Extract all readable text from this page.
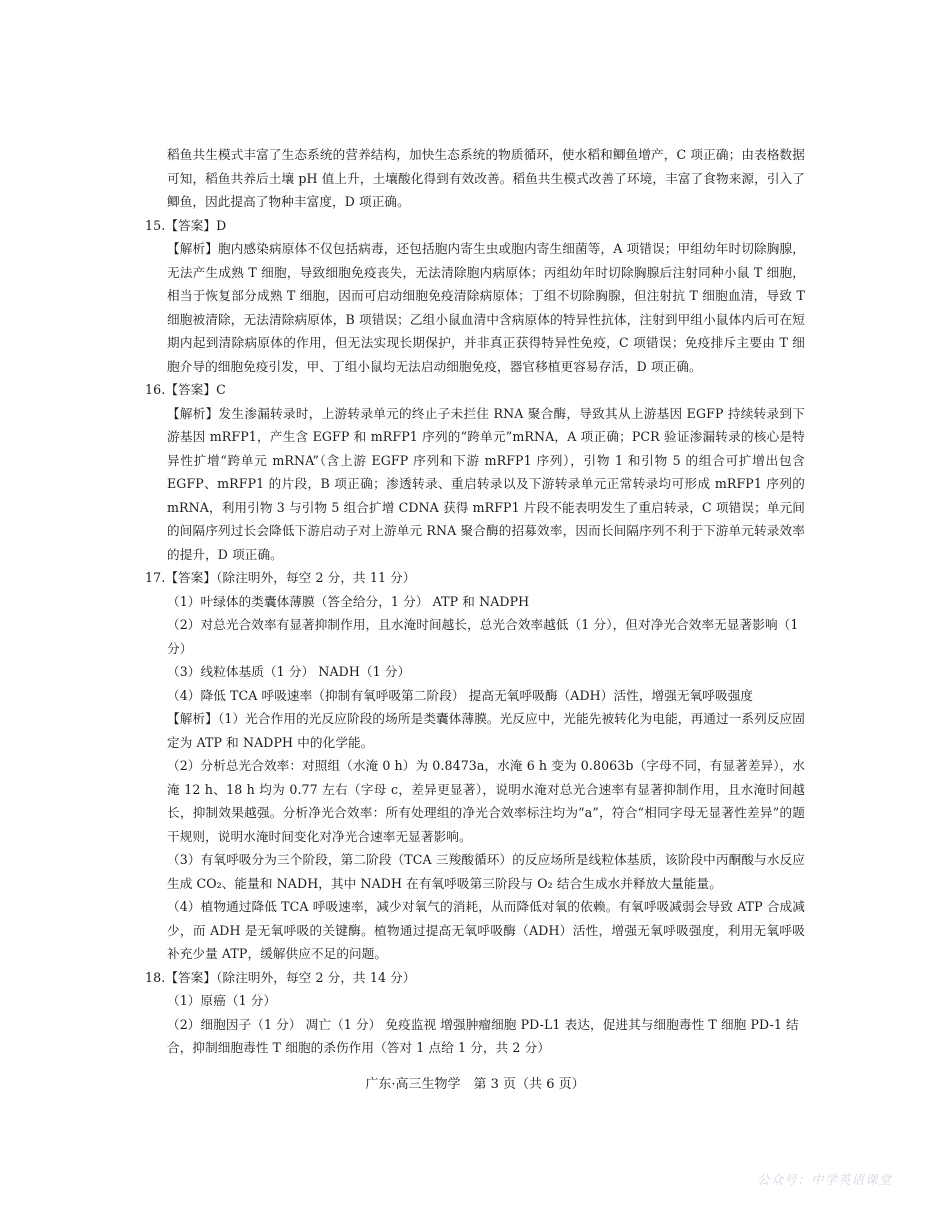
稻鱼共生模式丰富了生态系统的营养结构，加快生态系统的物质循环，使水稻和鲫鱼增产，C 项正确；由表格数据可知，稻鱼共养后土壤 pH 值上升，土壤酸化得到有效改善。稻鱼共生模式改善了环境，丰富了食物来源，引入了鲫鱼，因此提高了物种丰富度，D 项正确。

15.【答案】D

【解析】胞内感染病原体不仅包括病毒，还包括胞内寄生虫或胞内寄生细菌等，A 项错误；甲组幼年时切除胸腺，无法产生成熟 T 细胞，导致细胞免疫丧失，无法清除胞内病原体；丙组幼年时切除胸腺后注射同种小鼠 T 细胞，相当于恢复部分成熟 T 细胞，因而可启动细胞免疫清除病原体；丁组不切除胸腺，但注射抗 T 细胞血清，导致 T 细胞被清除，无法清除病原体，B 项错误；乙组小鼠血清中含病原体的特异性抗体，注射到甲组小鼠体内后可在短期内起到清除病原体的作用，但无法实现长期保护，并非真正获得特异性免疫，C 项错误；免疫排斥主要由 T 细胞介导的细胞免疫引发，甲、丁组小鼠均无法启动细胞免疫，器官移植更容易存活，D 项正确。

16.【答案】C

【解析】发生渗漏转录时，上游转录单元的终止子未拦住 RNA 聚合酶，导致其从上游基因 EGFP 持续转录到下游基因 mRFP1，产生含 EGFP 和 mRFP1 序列的“跨单元”mRNA，A 项正确；PCR 验证渗漏转录的核心是特异性扩增“跨单元 mRNA”（含上游 EGFP 序列和下游 mRFP1 序列），引物 1 和引物 5 的组合可扩增出包含 EGFP、mRFP1 的片段，B 项正确；渗透转录、重启转录以及下游转录单元正常转录均可形成 mRFP1 序列的 mRNA，利用引物 3 与引物 5 组合扩增 CDNA 获得 mRFP1 片段不能表明发生了重启转录，C 项错误；单元间的间隔序列过长会降低下游启动子对上游单元 RNA 聚合酶的招募效率，因而长间隔序列不利于下游单元转录效率的提升，D 项正确。

17.【答案】（除注明外，每空 2 分，共 11 分）

（1）叶绿体的类囊体薄膜（答全给分，1 分） ATP 和 NADPH

（2）对总光合效率有显著抑制作用，且水淹时间越长，总光合效率越低（1 分），但对净光合效率无显著影响（1 分）

（3）线粒体基质（1 分） NADH（1 分）

（4）降低 TCA 呼吸速率（抑制有氧呼吸第二阶段） 提高无氧呼吸酶（ADH）活性，增强无氧呼吸强度

【解析】（1）光合作用的光反应阶段的场所是类囊体薄膜。光反应中，光能先被转化为电能，再通过一系列反应固定为 ATP 和 NADPH 中的化学能。

（2）分析总光合效率：对照组（水淹 0 h）为 0.8473a，水淹 6 h 变为 0.8063b（字母不同，有显著差异），水淹 12 h、18 h 均为 0.77 左右（字母 c，差异更显著），说明水淹对总光合速率有显著抑制作用，且水淹时间越长，抑制效果越强。分析净光合效率：所有处理组的净光合效率标注均为“a”，符合“相同字母无显著性差异”的题干规则，说明水淹时间变化对净光合速率无显著影响。

（3）有氧呼吸分为三个阶段，第二阶段（TCA 三羧酸循环）的反应场所是线粒体基质，该阶段中丙酮酸与水反应生成 CO₂、能量和 NADH，其中 NADH 在有氧呼吸第三阶段与 O₂ 结合生成水并释放大量能量。

（4）植物通过降低 TCA 呼吸速率，减少对氧气的消耗，从而降低对氧的依赖。有氧呼吸减弱会导致 ATP 合成减少，而 ADH 是无氧呼吸的关键酶。植物通过提高无氧呼吸酶（ADH）活性，增强无氧呼吸强度，利用无氧呼吸补充少量 ATP，缓解供应不足的问题。

18.【答案】（除注明外，每空 2 分，共 14 分）

（1）原癌（1 分）

（2）细胞因子（1 分） 凋亡（1 分） 免疫监视 增强肿瘤细胞 PD-L1 表达，促进其与细胞毒性 T 细胞 PD-1 结合，抑制细胞毒性 T 细胞的杀伤作用（答对 1 点给 1 分，共 2 分）

广东·高三生物学　第 3 页（共 6 页）
公众号：中学英语课堂
